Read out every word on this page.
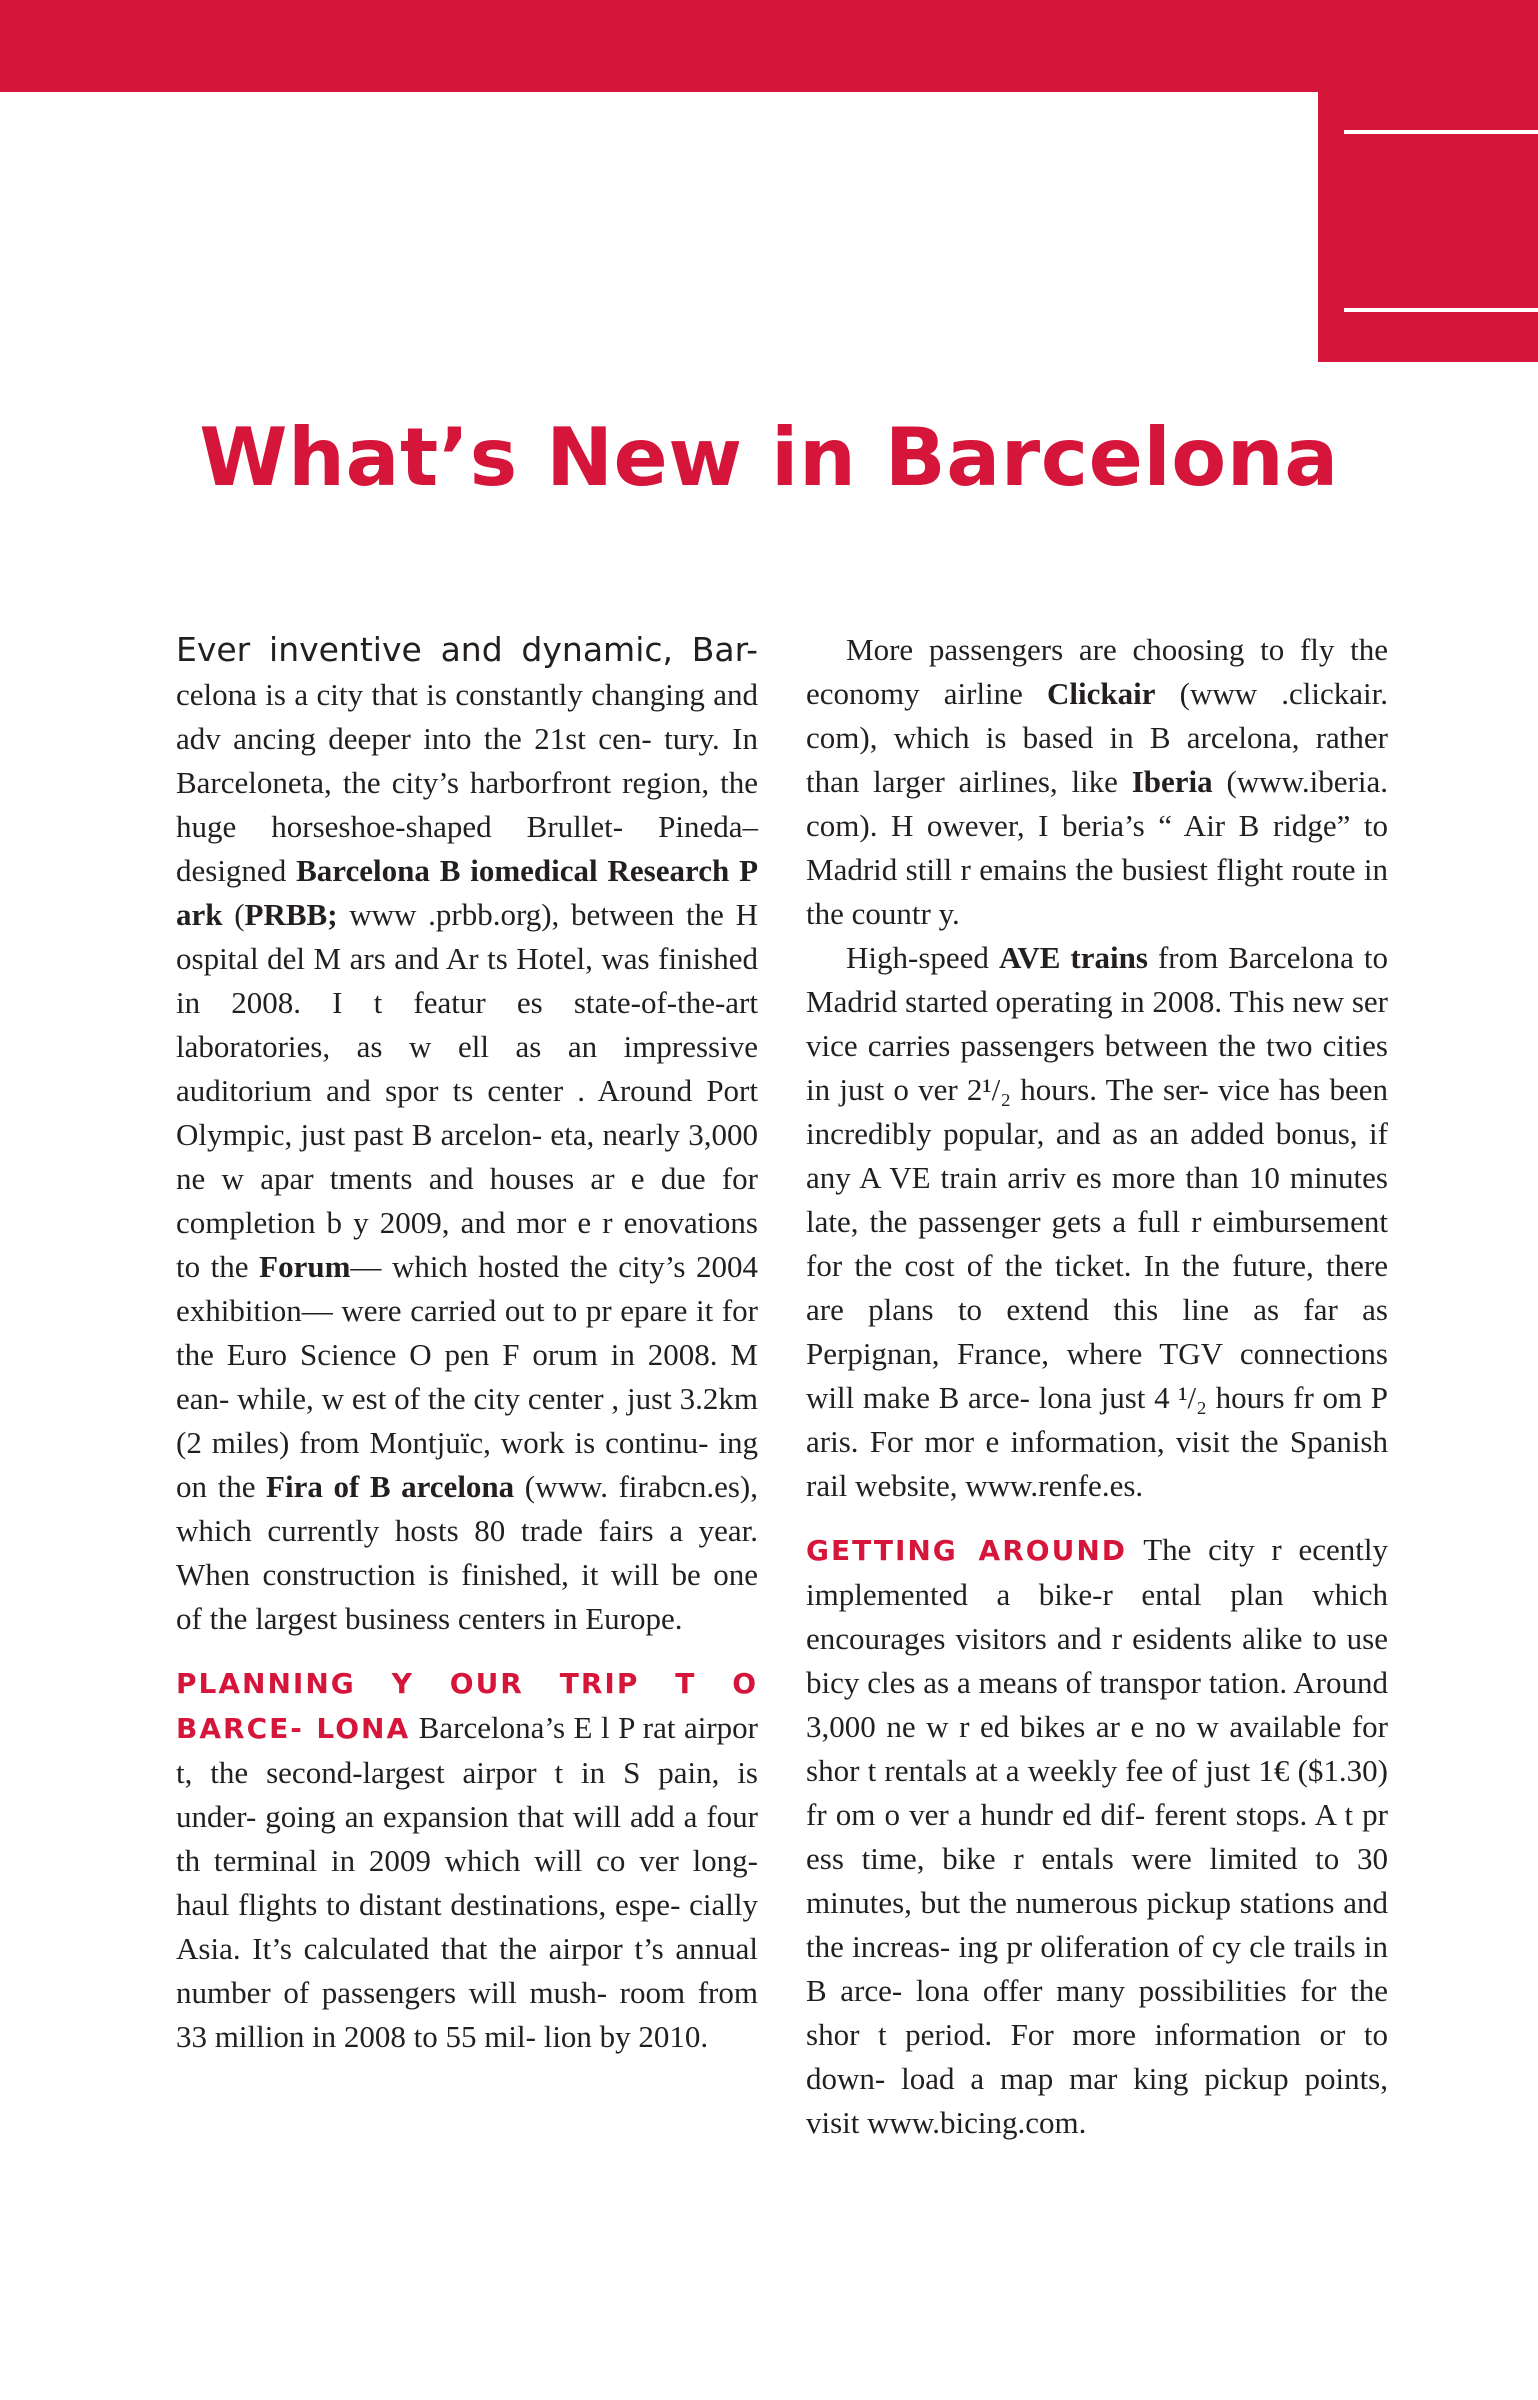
What’s New in Barcelona

Ever inventive and dynamic, Bar- celona is a city that is constantly changing and adv ancing deeper into the 21st cen- tury. In Barceloneta, the city’s harborfront region, the huge horseshoe-shaped Brullet- Pineda–designed Barcelona B iomedical Research P ark (PRBB; www .prbb.org), between the H ospital del M ars and Ar ts Hotel, was finished in 2008. I t featur es state-of-the-art laboratories, as w ell as an impressive auditorium and spor ts center . Around Port Olympic, just past B arcelon- eta, nearly 3,000 ne w apar tments and houses ar e due for completion b y 2009, and mor e r enovations to the Forum— which hosted the city’s 2004 exhibition— were carried out to pr epare it for the Euro Science O pen F orum in 2008. M ean- while, w est of the city center , just 3.2km (2 miles) from Montjuïc, work is continu- ing on the Fira of B arcelona (www. firabcn.es), which currently hosts 80 trade fairs a year. When construction is finished, it will be one of the largest business centers in Europe.

PLANNING Y OUR TRIP T O BARCE- LONA Barcelona’s E l P rat airpor t, the second-largest airpor t in S pain, is under- going an expansion that will add a four th terminal in 2009 which will co ver long- haul flights to distant destinations, espe- cially Asia. It’s calculated that the airpor t’s annual number of passengers will mush- room from 33 million in 2008 to 55 mil- lion by 2010.

More passengers are choosing to fly the economy airline Clickair (www .clickair. com), which is based in B arcelona, rather than larger airlines, like Iberia (www.iberia. com). H owever, I beria’s “ Air B ridge” to Madrid still r emains the busiest flight route in the countr y.

High-speed AVE trains from Barcelona to Madrid started operating in 2008. This new ser vice carries passengers between the two cities in just o ver 2¹/₂ hours. The ser- vice has been incredibly popular, and as an added bonus, if any A VE train arriv es more than 10 minutes late, the passenger gets a full r eimbursement for the cost of the ticket. In the future, there are plans to extend this line as far as Perpignan, France, where TGV connections will make B arce- lona just 4 ¹/₂ hours fr om P aris. For mor e information, visit the Spanish rail website, www.renfe.es.

GETTING AROUND The city r ecently implemented a bike-r ental plan which encourages visitors and r esidents alike to use bicy cles as a means of transpor tation. Around 3,000 ne w r ed bikes ar e no w available for shor t rentals at a weekly fee of just 1€ ($1.30) fr om o ver a hundr ed dif- ferent stops. A t pr ess time, bike r entals were limited to 30 minutes, but the numerous pickup stations and the increas- ing pr oliferation of cy cle trails in B arce- lona offer many possibilities for the shor t period. For more information or to down- load a map mar king pickup points, visit www.bicing.com.
